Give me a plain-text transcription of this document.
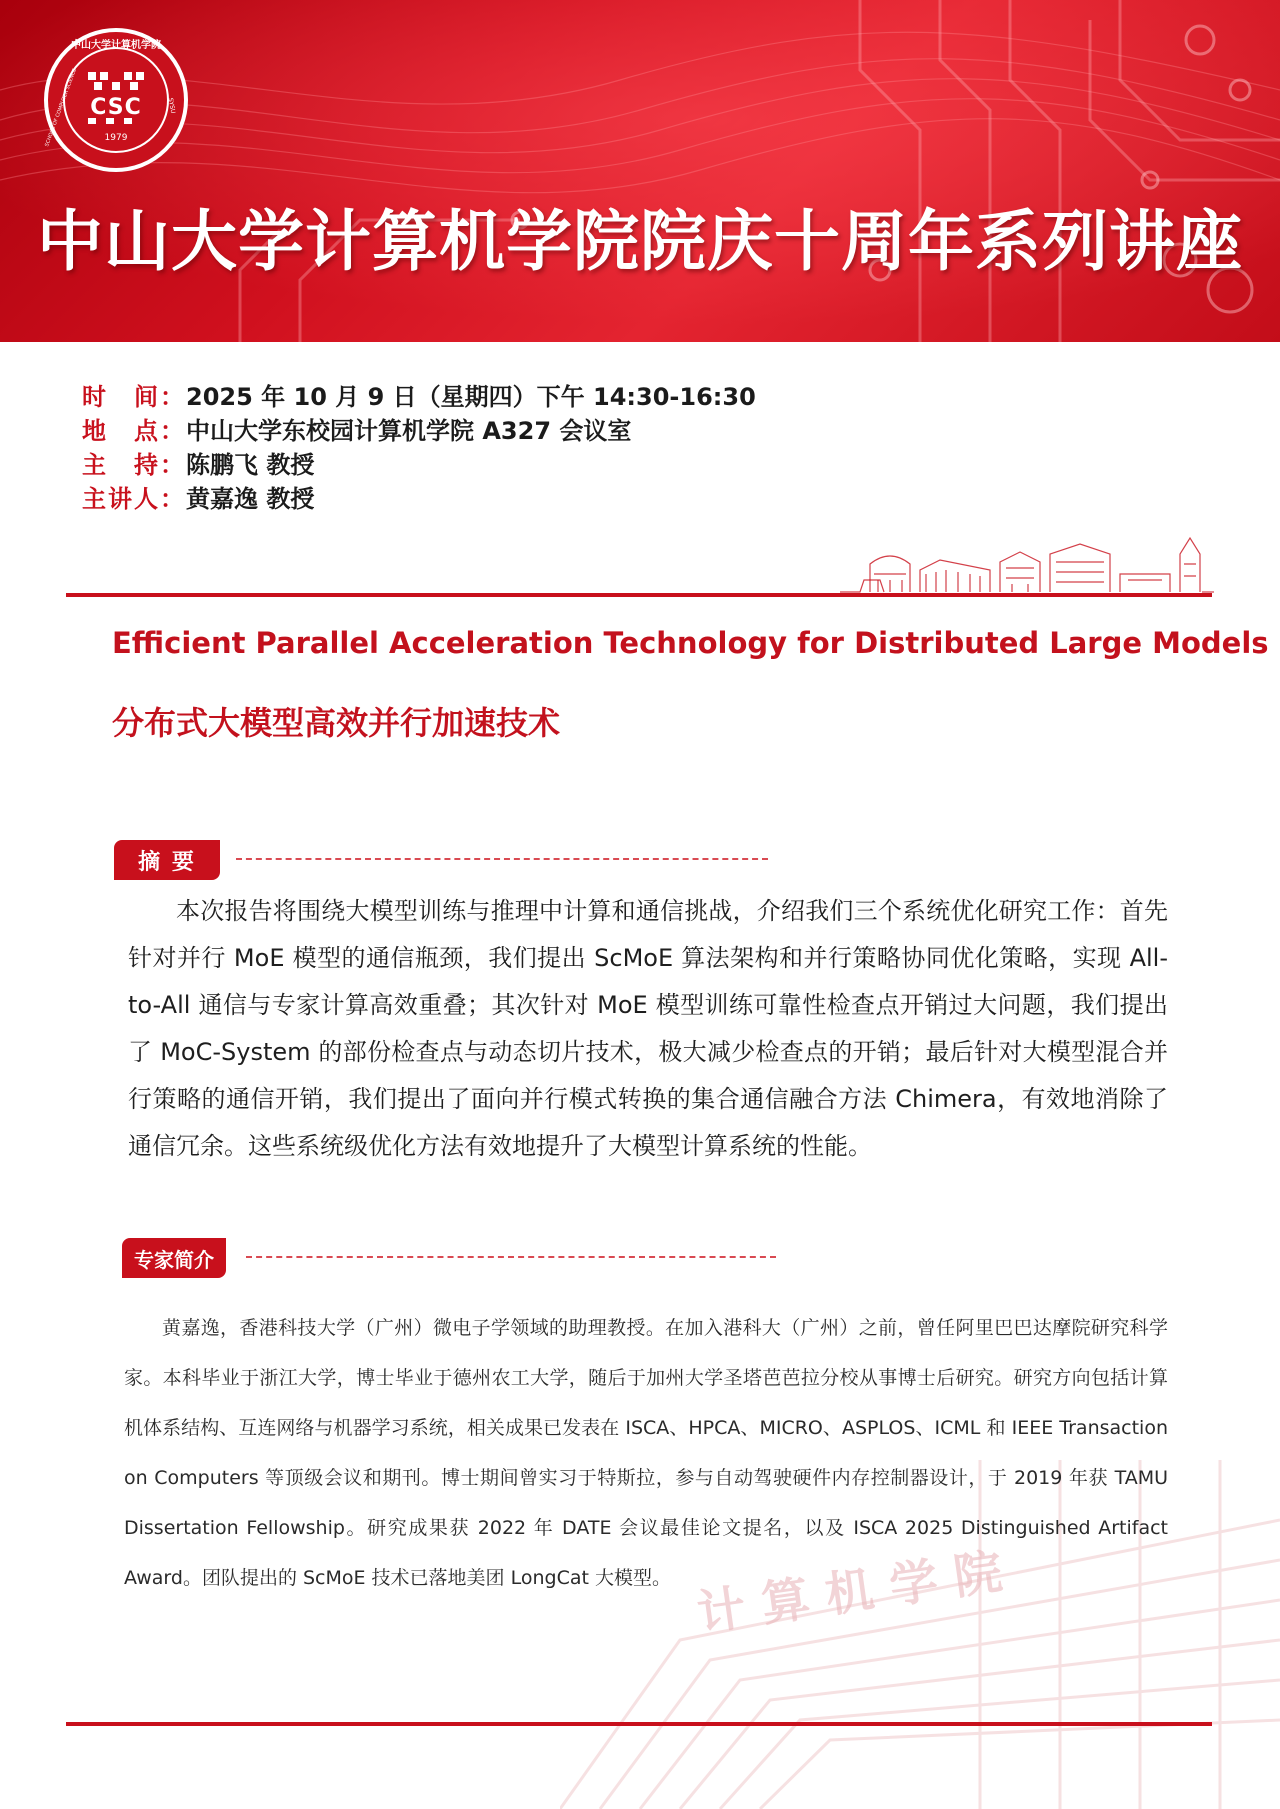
中山大学计算机学院
SCHOOL OF COMPUTER SCIENCE	SYSU
CSC
1979
中山大学计算机学院院庆十周年系列讲座
时　间： 2025 年 10 月 9 日（星期四）下午 14:30-16:30
地　点： 中山大学东校园计算机学院 A327 会议室
主　持： 陈鹏飞 教授
主讲人： 黄嘉逸 教授
Efficient Parallel Acceleration Technology for Distributed Large Models
分布式大模型高效并行加速技术
摘 要
本次报告将围绕大模型训练与推理中计算和通信挑战，介绍我们三个系统优化研究工作：首先针对并行 MoE 模型的通信瓶颈，我们提出 ScMoE 算法架构和并行策略协同优化策略，实现 All-to-All 通信与专家计算高效重叠；其次针对 MoE 模型训练可靠性检查点开销过大问题，我们提出了 MoC-System 的部份检查点与动态切片技术，极大减少检查点的开销；最后针对大模型混合并行策略的通信开销，我们提出了面向并行模式转换的集合通信融合方法 Chimera，有效地消除了通信冗余。这些系统级优化方法有效地提升了大模型计算系统的性能。
专家简介
计 算 机 学 院
黄嘉逸，香港科技大学（广州）微电子学领域的助理教授。在加入港科大（广州）之前，曾任阿里巴巴达摩院研究科学家。本科毕业于浙江大学，博士毕业于德州农工大学，随后于加州大学圣塔芭芭拉分校从事博士后研究。研究方向包括计算机体系结构、互连网络与机器学习系统，相关成果已发表在 ISCA、HPCA、MICRO、ASPLOS、ICML 和 IEEE Transaction on Computers 等顶级会议和期刊。博士期间曾实习于特斯拉，参与自动驾驶硬件内存控制器设计，于 2019 年获 TAMU Dissertation Fellowship。研究成果获 2022 年 DATE 会议最佳论文提名，以及 ISCA 2025 Distinguished Artifact Award。团队提出的 ScMoE 技术已落地美团 LongCat 大模型。
